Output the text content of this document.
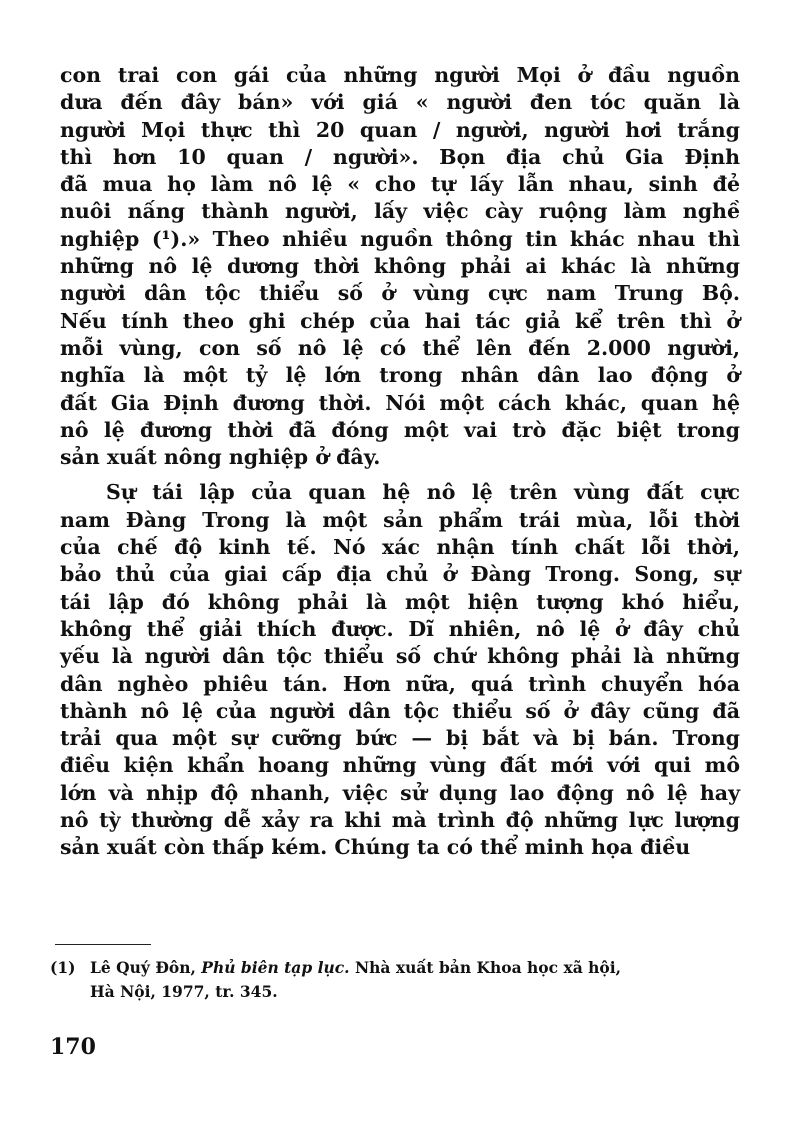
con trai con gái của những người Mọi ở đầu nguồn
dưa đến đây bán» với giá « người đen tóc quăn là
người Mọi thực thì 20 quan / người, người hơi trắng
thì hơn 10 quan / người». Bọn địa chủ Gia Định
đã mua họ làm nô lệ « cho tự lấy lẫn nhau, sinh đẻ
nuôi nấng thành người, lấy việc cày ruộng làm nghề
nghiệp (¹).» Theo nhiều nguồn thông tin khác nhau thì
những nô lệ dương thời không phải ai khác là những
người dân tộc thiểu số ở vùng cực nam Trung Bộ.
Nếu tính theo ghi chép của hai tác giả kể trên thì ở
mỗi vùng, con số nô lệ có thể lên đến 2.000 người,
nghĩa là một tỷ lệ lớn trong nhân dân lao động ở
đất Gia Định đương thời. Nói một cách khác, quan hệ
nô lệ đương thời đã đóng một vai trò đặc biệt trong
sản xuất nông nghiệp ở đây.
Sự tái lập của quan hệ nô lệ trên vùng đất cực
nam Đàng Trong là một sản phẩm trái mùa, lỗi thời
của chế độ kinh tế. Nó xác nhận tính chất lỗi thời,
bảo thủ của giai cấp địa chủ ở Đàng Trong. Song, sự
tái lập đó không phải là một hiện tượng khó hiểu,
không thể giải thích được. Dĩ nhiên, nô lệ ở đây chủ
yếu là người dân tộc thiểu số chứ không phải là những
dân nghèo phiêu tán. Hơn nữa, quá trình chuyển hóa
thành nô lệ của người dân tộc thiểu số ở đây cũng đã
trải qua một sự cưỡng bức — bị bắt và bị bán. Trong
điều kiện khẩn hoang những vùng đất mới với qui mô
lớn và nhịp độ nhanh, việc sử dụng lao động nô lệ hay
nô tỳ thường dễ xảy ra khi mà trình độ những lực lượng
sản xuất còn thấp kém. Chúng ta có thể minh họa điều
(1) Lê Quý Đôn, Phủ biên tạp lục. Nhà xuất bản Khoa học xã hội,
Hà Nội, 1977, tr. 345.
170
